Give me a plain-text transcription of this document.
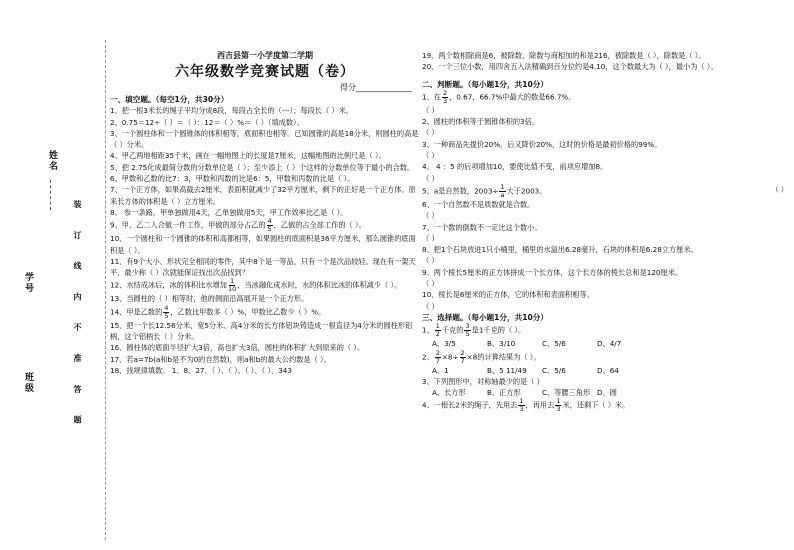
姓名
学号
班级	装 订 线 内 不 准 答 题
西吉县第一小学度第二学期
六年级数学竞赛试题（卷）
得分______________
一、填空题。（每空1分，共30分）
1、把一根3米长的绳子平均分成8段，每段占全长的（---）；每段长（ ）米。
2、0.75＝12÷（ ）＝（ ）：12＝（ ）%＝（ ）（填成数）。
3、一个圆柱体和一个圆锥体的体积相等，底面积也相等。已知圆锥的高是18分米，则圆柱的高是（ ）分米。
4、甲乙两地相距35千米，画在一幅地图上的长度是7厘米，这幅地图的比例尺是（ ）。
5、把 2.75化成最简分数的分数单位是（ ）；至少添上（ ）个这样的分数单位等于最小的合数。
6、甲数和乙数的比7：3，甲数和丙数的比是6：5，甲数和丙数的比是（ ）。
7、一个正方体，如果高截去2厘米，表面积就减少了32平方厘米，剩下的正好是一个正方体。原来长方体的体积是（ ）立方厘米。
8、 参一条路，甲单独做用4天，乙单独做用5天，甲工作效率比乙是（ ）。
9、甲、乙二人合做一件工作，甲做的部分占乙的 $\frac{4}{5}$ ，乙做的占全部工作的（ ）。
10、一个圆柱和一个圆锥的体积和高都相等，如果圆柱的底面积是36平方厘米，那么圆锥的底面积是（ ）。
11、有9个大小、形状完全相同的零件，其中8个是一等品，只有一个是次品较轻。现在有一架天平，最少称（ ）次就能保证找出次品找到？
12、水结成冰后，冰的体积比水增加 $\frac{1}{10}$ ，当冰融化成水时，水的体积比冰的体积减少（ ）。
13、当圆柱的（ ）相等时，他的侧面沿高展开是一个正方形。
14、甲是乙数的 $\frac{4}{5}$ ，乙数比甲数多（ ）%，甲数比乙数少（ ）%。
15、把一个长12.56分米、宽5分米、高4分米的长方体铝块铸造成一根直径为4分米的圆柱形铝柄，这个铝柄长（ ）分米。
16、圆柱体的底面半径扩大3倍，高也扩大3倍，圆柱的体积扩大到原来的（ ）。
17、若a=7b(a和b是不为0的自然数)，则a和b的最大公约数是（ ）。
18、找规律填数。 1、8、27、（ ）、（ ）、（ ）、（ ）、343
19、两个数相除商是6，被除数、除数与商相加的和是216，被除数是（ ），除数是（ ）。
20、一个三位小数，用四舍五入法精确到百分位约是4.10，这个数最大为（ ），最小为（ ）。
二、判断题。（每小题1分，共10分）
1、在 $\frac{2}{3}$ ，0.67，66.7%中最大的数是66.7%。
（ ）
2、圆柱的体积等于圆锥体积的3倍。
（ ）
3、一种商品先提价20%，后又降价20%，这时的价格是最初价格的99%。
（ ）
4、 4 ：5 的后项增加10，要使比值不变，前项应增加8。
（ ）
5、a是自然数，$2003\div \frac{1}{a}$ 大于2003。	（ ）
6、一个自然数不是质数就是合数。
（ ）
7、一个数的倒数不一定比这个数小。
（ ）
8、把1个石块放进1只小桶里，桶里的水溢出6.28毫升，石块的体积是6.28立方厘米。
（ ）
9、两个棱长5厘米的正方体拼成一个长方体，这个长方体的棱长总和是120厘米。
（ ）
10、棱长是6厘米的正方体，它的体积和表面积相等。
（ ）
三、选择题。（每小题1分，共10分）
1、 $\frac{1}{2}$ 千克的 $\frac{3}{5}$ 是1千克的（ ）。
A、3/5	B、3/10	C、5/6	D、4/7
2、 $\frac{2}{7} \times 8\div \frac{2}{7} \times 8$的计算结果为（ ）。
A、1	B、5 11/49	C、5/6	D、64
3、下列图形中，对称轴最少的是（ ）
A、长方形	B、正方形	C、等腰三角形 D、圆
4、一根长2米的绳子，先用去 $\frac{1}{3}$ ，再用去 $\frac{1}{3}$ 米，还剩下（ ）米。
